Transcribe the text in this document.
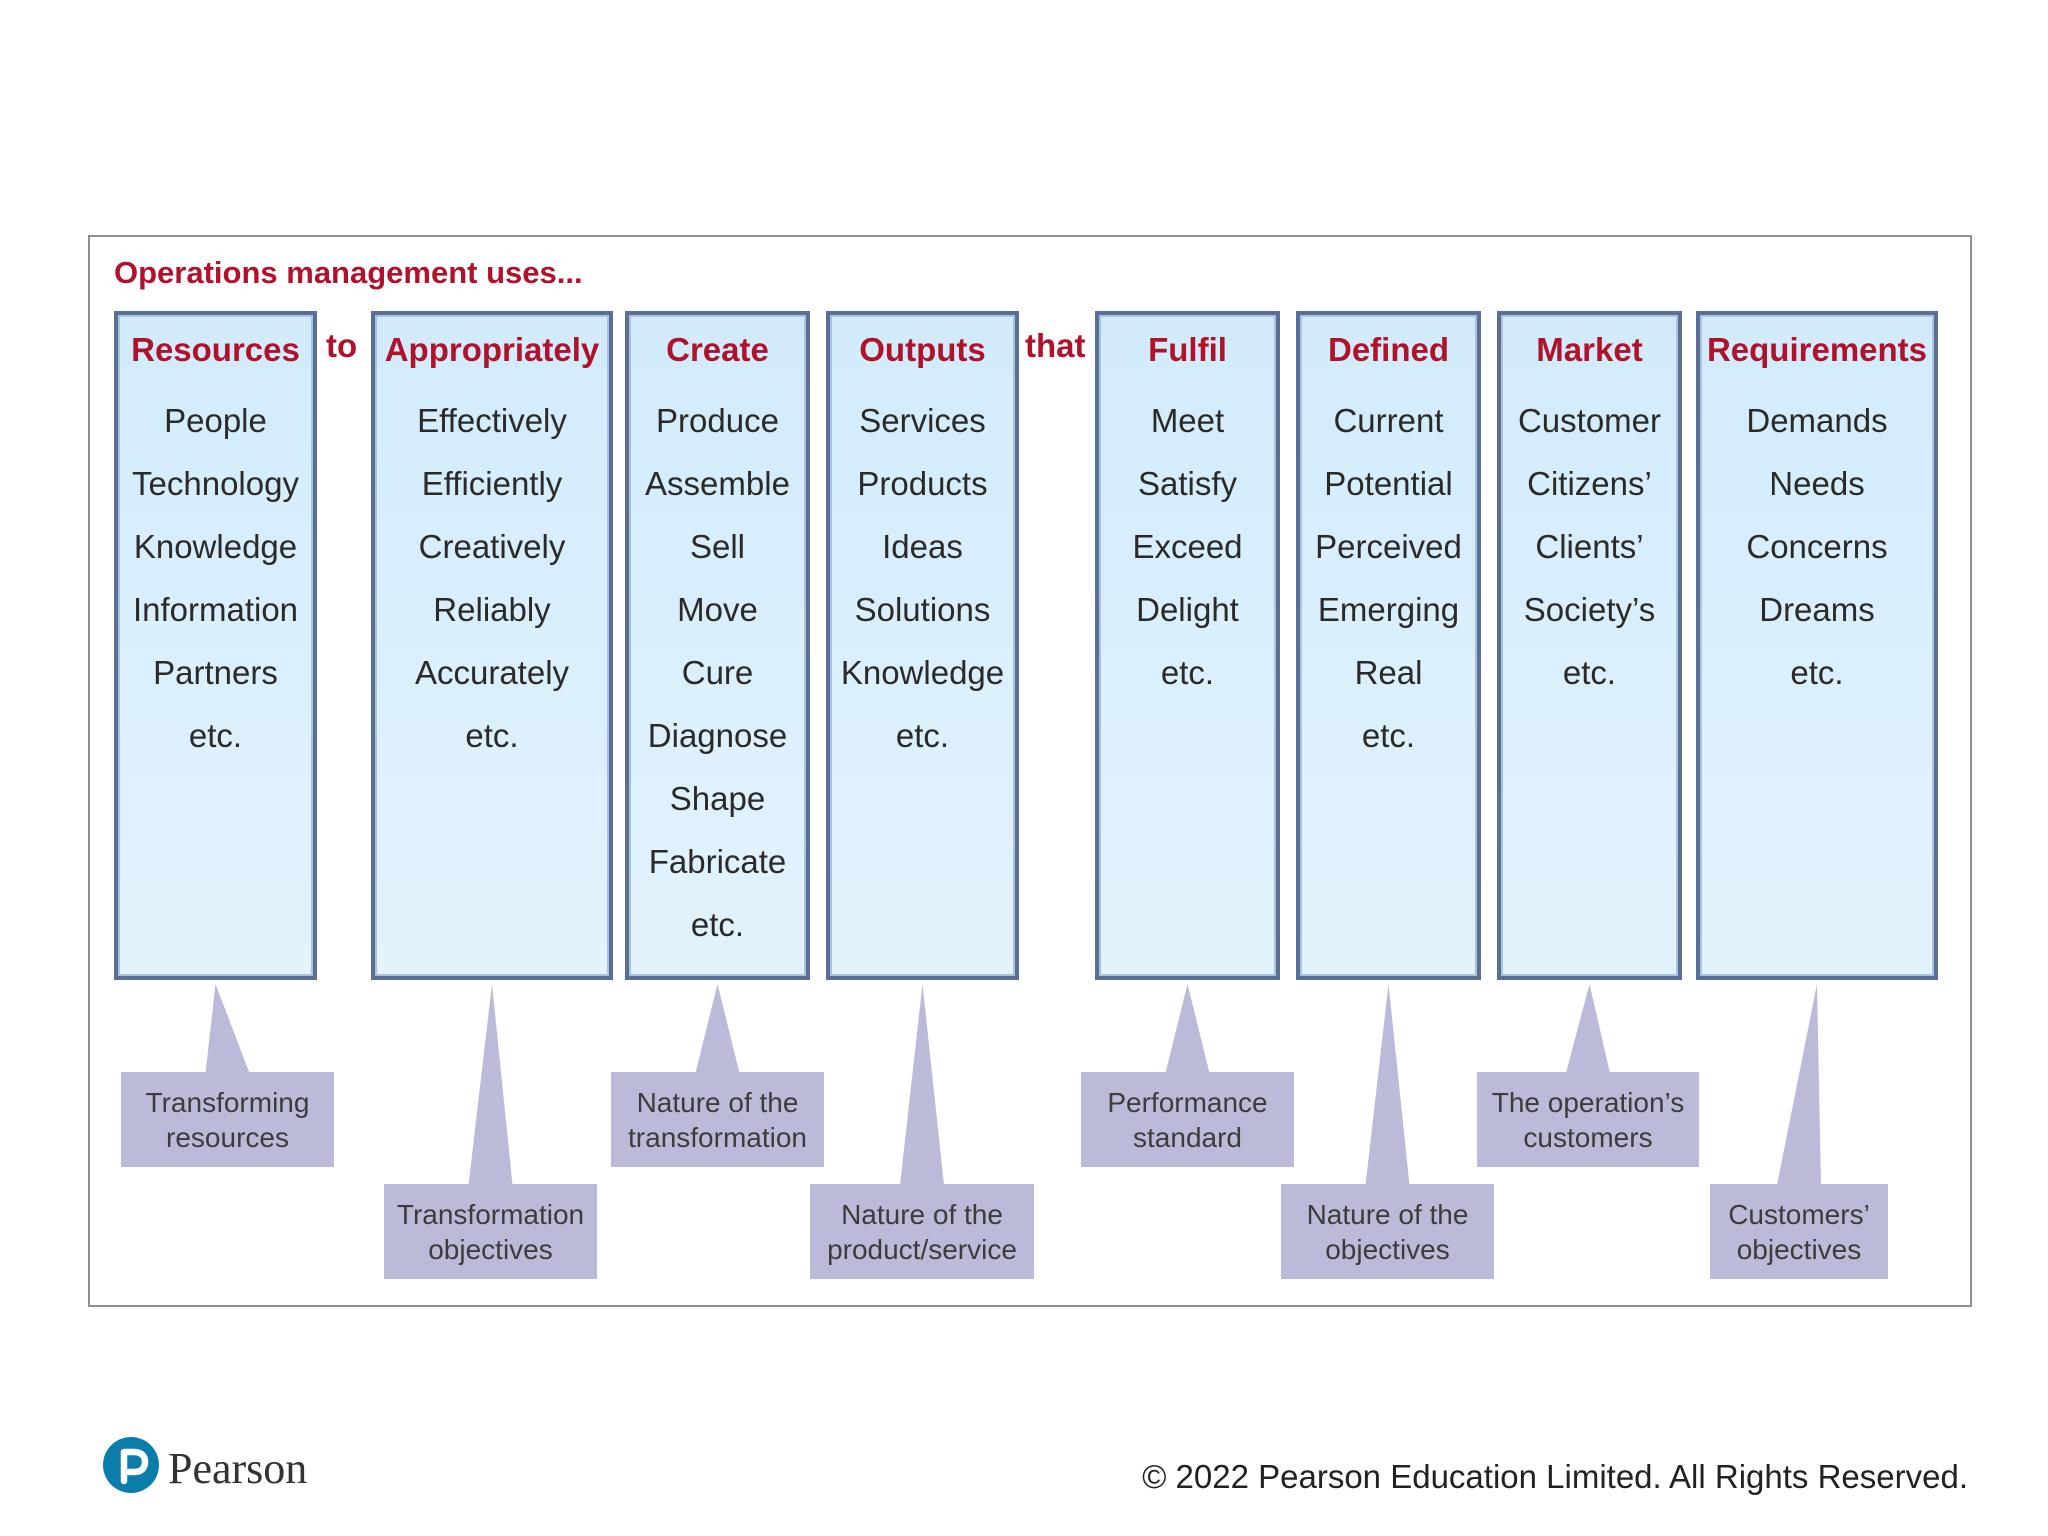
Operations management uses...
to	that
Resources
People
Technology
Knowledge
Information
Partners
etc.
Appropriately
Effectively
Efficiently
Creatively
Reliably
Accurately
etc.
Create
Produce
Assemble
Sell
Move
Cure
Diagnose
Shape
Fabricate
etc.
Outputs
Services
Products
Ideas
Solutions
Knowledge
etc.
Fulfil
Meet
Satisfy
Exceed
Delight
etc.
Defined
Current
Potential
Perceived
Emerging
Real
etc.
Market
Customer
Citizens’
Clients’
Society’s
etc.
Requirements
Demands
Needs
Concerns
Dreams
etc.
Transforming
resources
Transformation
objectives
Nature of the
transformation
Nature of the
product/service
Performance
standard
Nature of the
objectives
The operation’s
customers
Customers’
objectives
Pearson	© 2022 Pearson Education Limited. All Rights Reserved.
